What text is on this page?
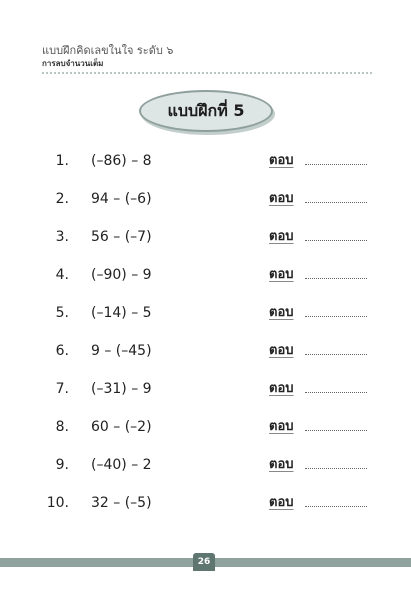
แบบฝึกคิดเลขในใจ ระดับ ๖
การลบจำนวนเต็ม
แบบฝึกที่ 5
1. (–86) – 8	ตอบ
2. 94 – (–6)	ตอบ
3. 56 – (–7)	ตอบ
4. (–90) – 9	ตอบ
5. (–14) – 5	ตอบ
6. 9 – (–45)	ตอบ
7. (–31) – 9	ตอบ
8. 60 – (–2)	ตอบ
9. (–40) – 2	ตอบ
10. 32 – (–5)	ตอบ
26
